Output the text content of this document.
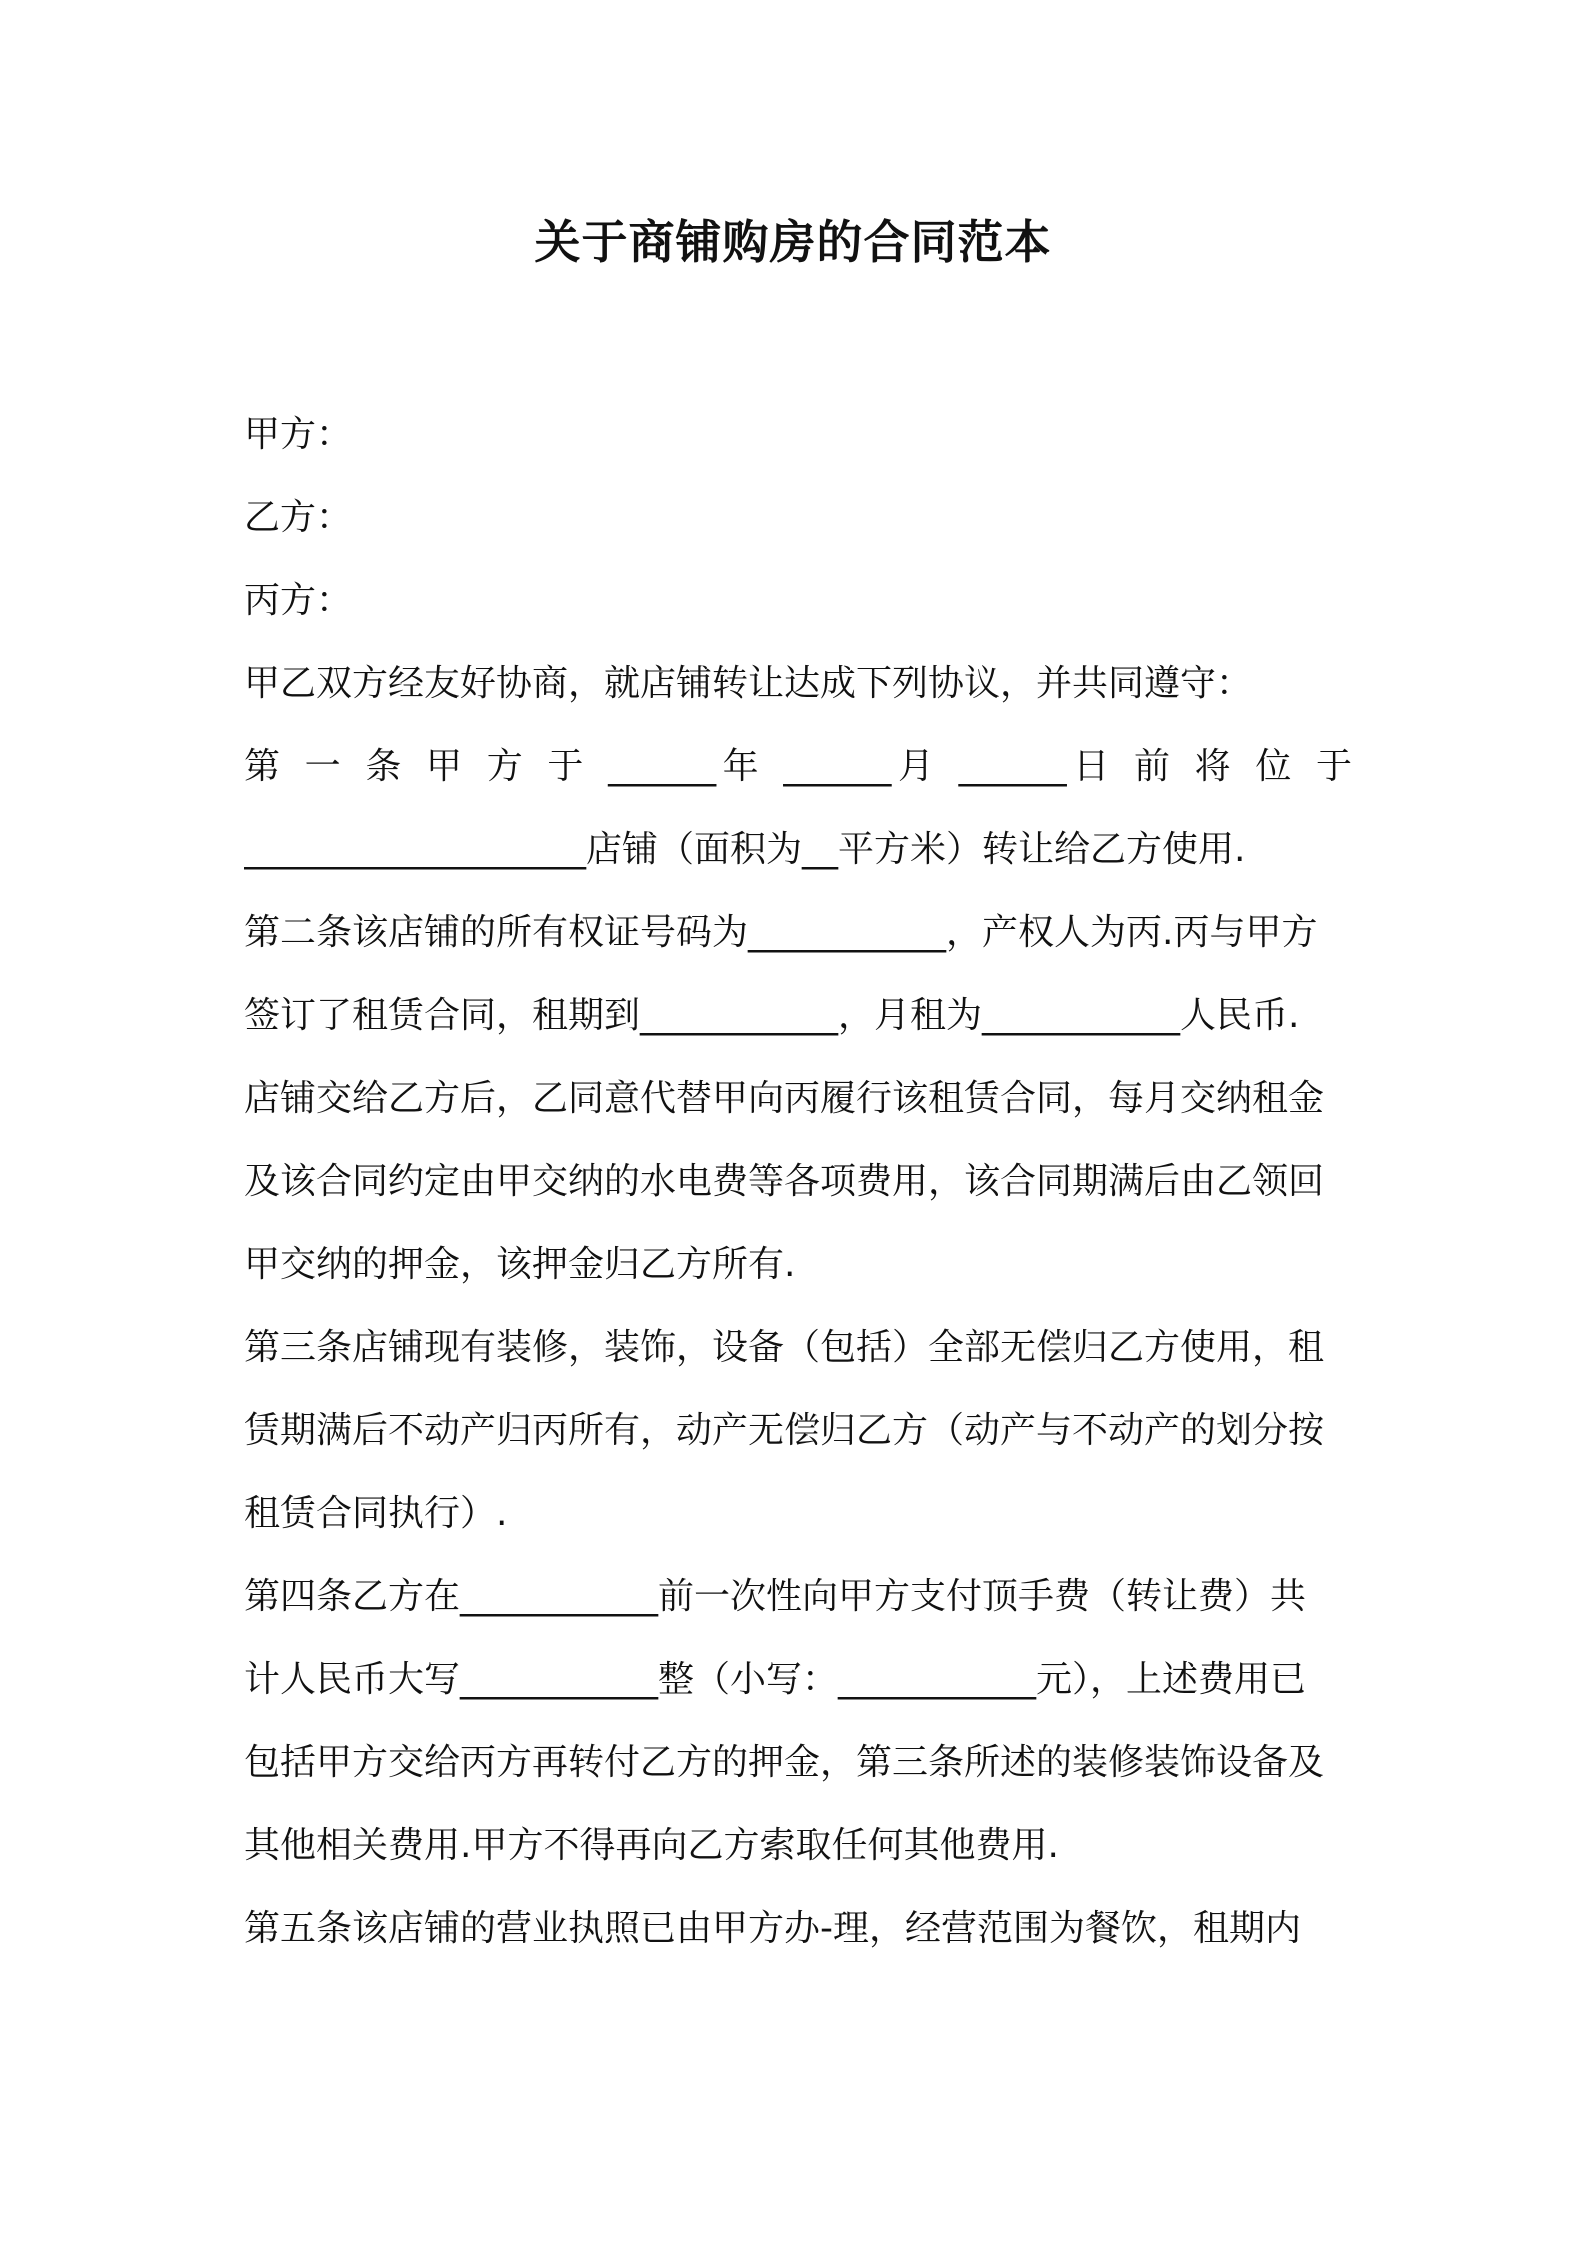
关于商铺购房的合同范本
甲方：
乙方：
丙方：
甲乙双方经友好协商，就店铺转让达成下列协议，并共同遵守：
第 一 条 甲 方 于 ______年 ______月 ______日 前 将 位 于
___________________店铺（面积为__平方米）转让给乙方使用.
第二条该店铺的所有权证号码为___________，产权人为丙.丙与甲方
签订了租赁合同，租期到___________，月租为___________人民币.
店铺交给乙方后，乙同意代替甲向丙履行该租赁合同，每月交纳租金
及该合同约定由甲交纳的水电费等各项费用，该合同期满后由乙领回
甲交纳的押金，该押金归乙方所有.
第三条店铺现有装修，装饰，设备（包括）全部无偿归乙方使用，租
赁期满后不动产归丙所有，动产无偿归乙方（动产与不动产的划分按
租赁合同执行）.
第四条乙方在___________前一次性向甲方支付顶手费（转让费）共
计人民币大写___________整（小写：___________元），上述费用已
包括甲方交给丙方再转付乙方的押金，第三条所述的装修装饰设备及
其他相关费用.甲方不得再向乙方索取任何其他费用.
第五条该店铺的营业执照已由甲方办-理，经营范围为餐饮，租期内
